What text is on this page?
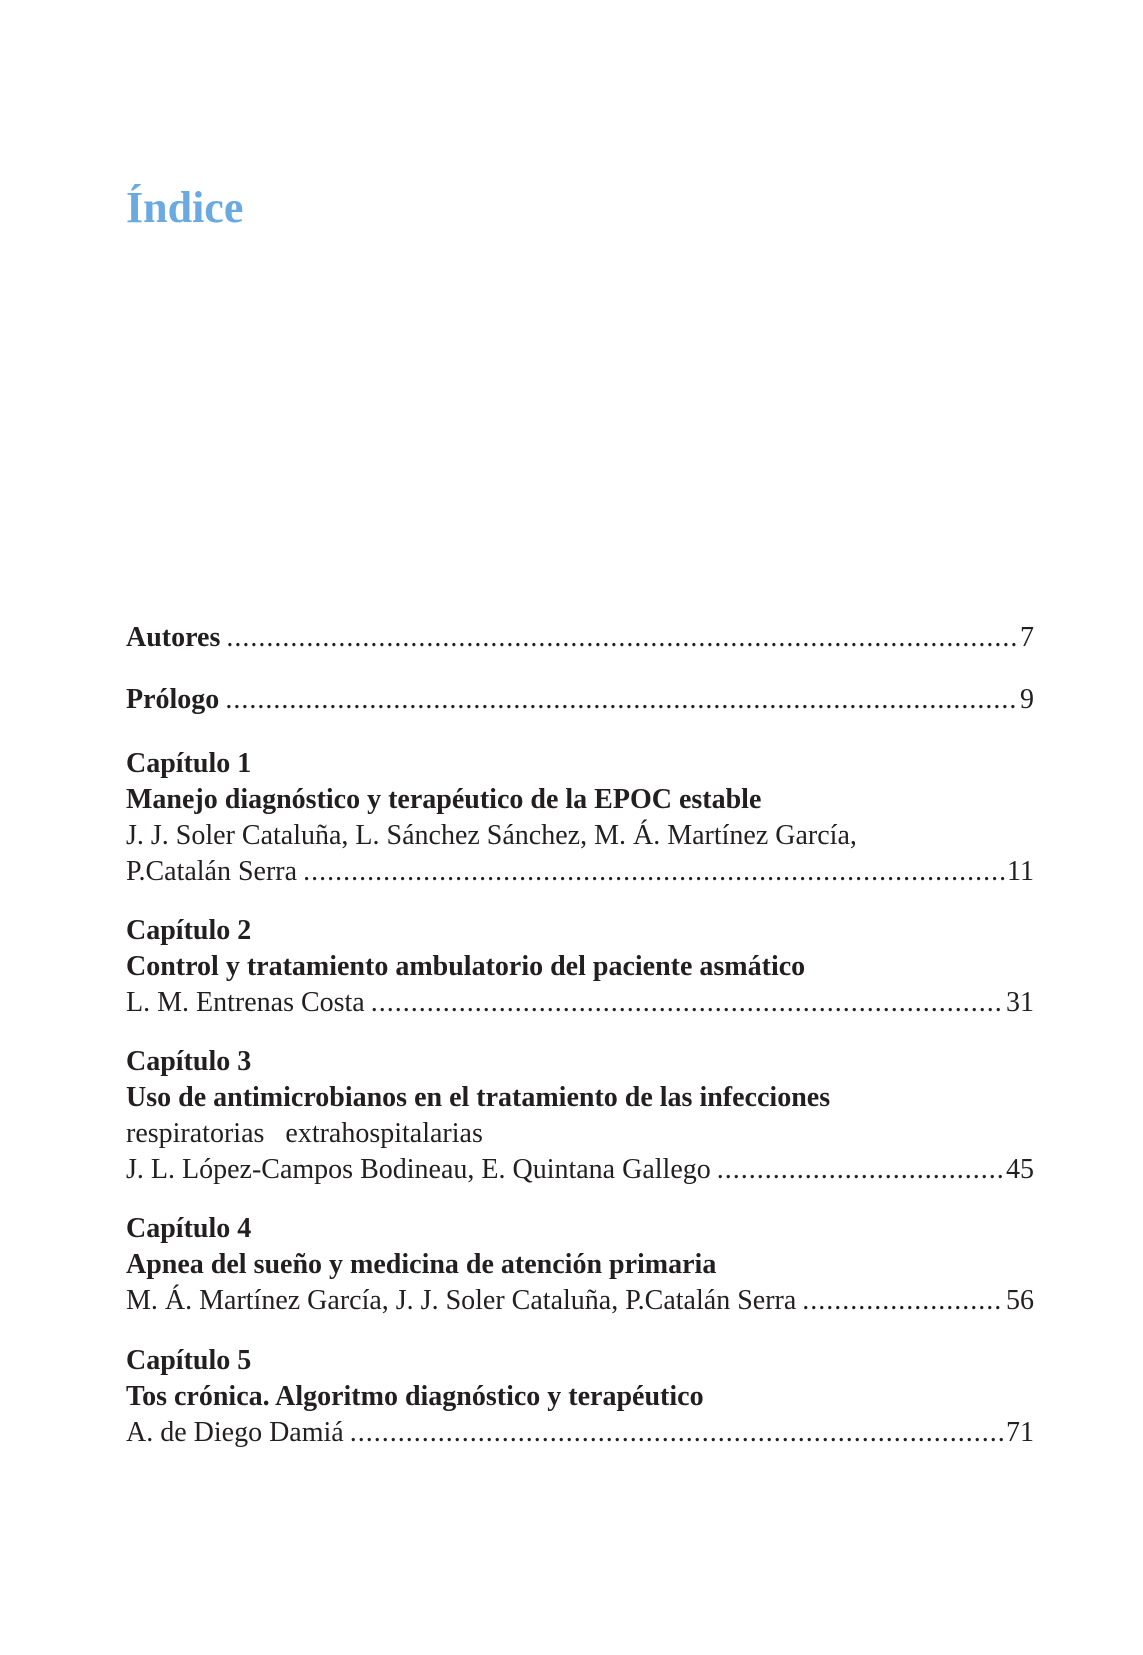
Índice
Autores .....	7
Prólogo .....	9
Capítulo 1
Manejo diagnóstico y terapéutico de la EPOC estable
J. J. Soler Cataluña, L. Sánchez Sánchez, M. Á. Martínez García,
P.Catalán Serra .....	11
Capítulo 2
Control y tratamiento ambulatorio del paciente asmático
L. M. Entrenas Costa .....	31
Capítulo 3
Uso de antimicrobianos en el tratamiento de las infecciones
respiratorias   extrahospitalarias
J. L. López-Campos Bodineau, E. Quintana Gallego .....	45
Capítulo 4
Apnea del sueño y medicina de atención primaria
M. Á. Martínez García, J. J. Soler Cataluña, P.Catalán Serra .....	56
Capítulo 5
Tos crónica. Algoritmo diagnóstico y terapéutico
A. de Diego Damiá .....	71
